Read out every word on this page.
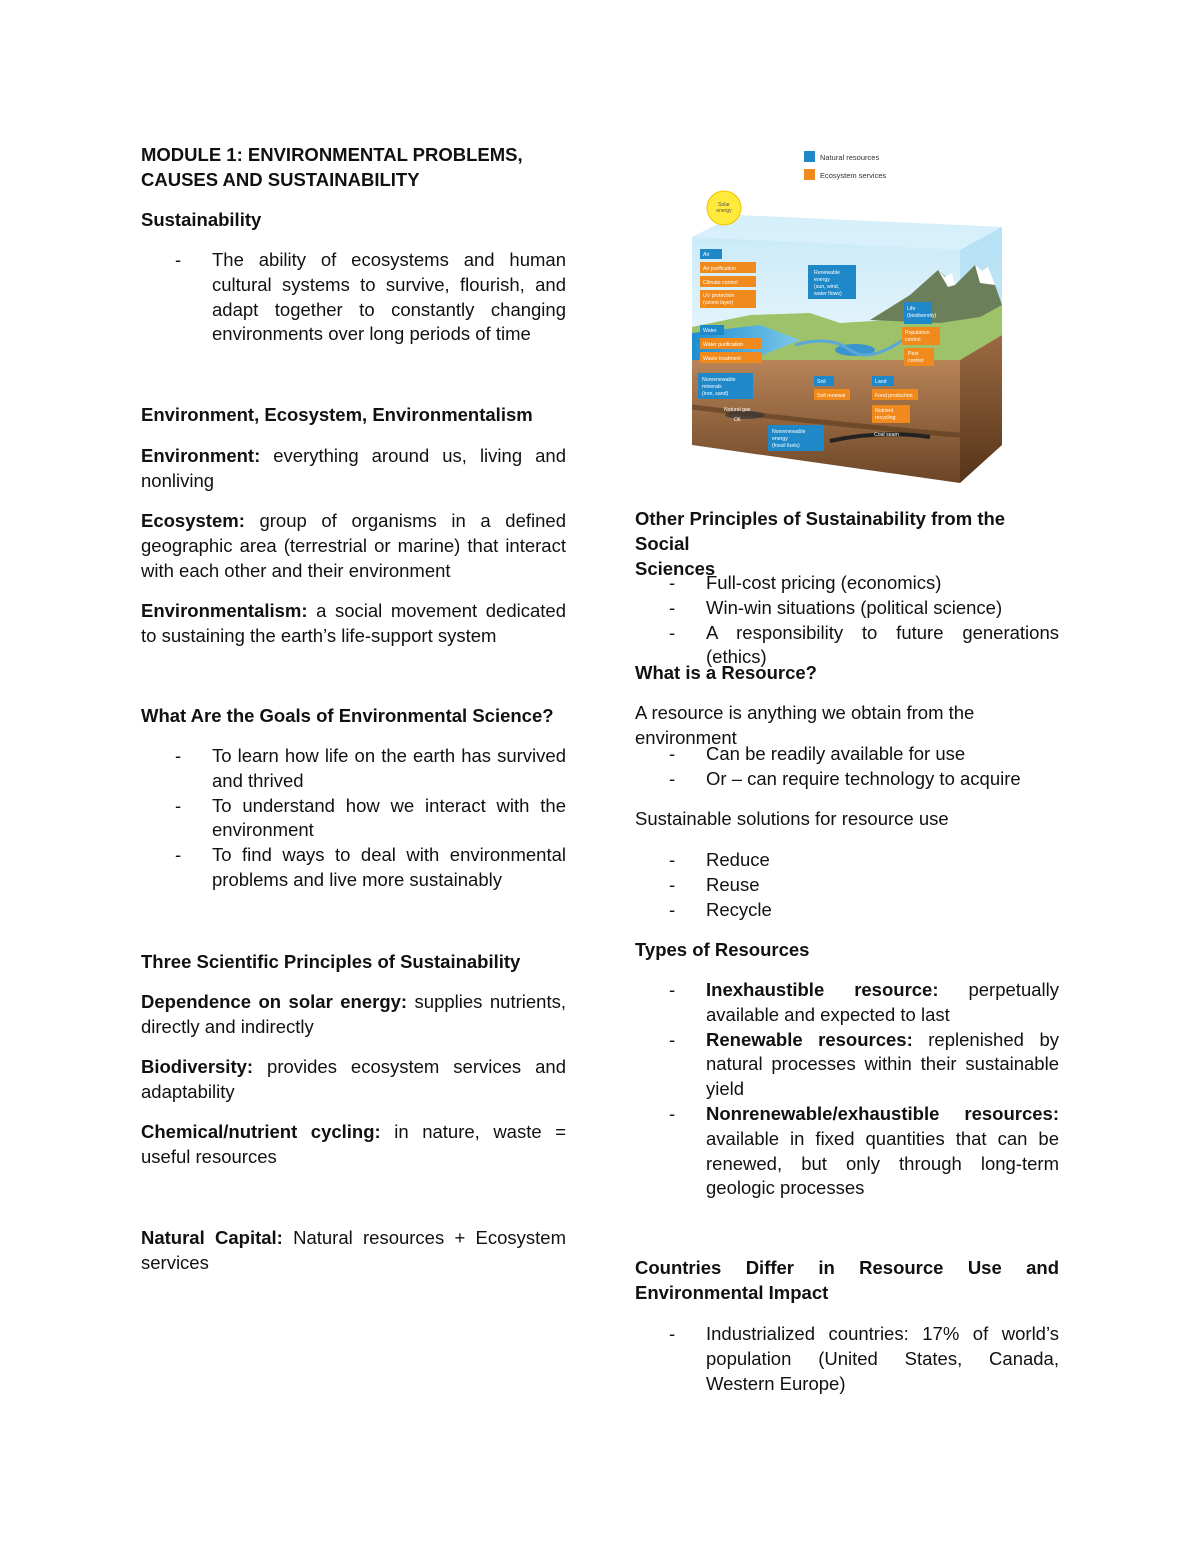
MODULE 1: ENVIRONMENTAL PROBLEMS,
CAUSES AND SUSTAINABILITY
Sustainability
- The ability of ecosystems and human cultural systems to survive, flourish, and adapt together to constantly changing environments over long periods of time
Environment, Ecosystem, Environmentalism
Environment: everything around us, living and nonliving
Ecosystem: group of organisms in a defined geographic area (terrestrial or marine) that interact with each other and their environment
Environmentalism: a social movement dedicated to sustaining the earth’s life-support system
What Are the Goals of Environmental Science?
- To learn how life on the earth has survived and thrived
- To understand how we interact with the environment
- To find ways to deal with environmental problems and live more sustainably
Three Scientific Principles of Sustainability
Dependence on solar energy: supplies nutrients, directly and indirectly
Biodiversity: provides ecosystem services and adaptability
Chemical/nutrient cycling: in nature, waste = useful resources
Natural Capital: Natural resources + Ecosystem services
Natural resources
Ecosystem services
Solar
energy
Air
Renewable
energy
(sun, wind,
water flows)
Life
(biodiversity)
Water
Nonrenewable
minerals
(iron, sand)
Soil	Land
Nonrenewable
energy
(fossil fuels)
Air purification
Climate control
UV protection
(ozone layer)
Water purification
Waste treatment
Population
control
Pest
control
Soil renewal	Food production
Nutrient
recycling
Natural gas
Oil
Coal seam
Other Principles of Sustainability from the Social
Sciences
- Full-cost pricing (economics)
- Win-win situations (political science)
- A responsibility to future generations (ethics)
What is a Resource?
A resource is anything we obtain from the environment
- Can be readily available for use
- Or – can require technology to acquire
Sustainable solutions for resource use
- Reduce
- Reuse
- Recycle
Types of Resources
- Inexhaustible resource: perpetually available and expected to last
- Renewable resources: replenished by natural processes within their sustainable yield
- Nonrenewable/exhaustible resources: available in fixed quantities that can be renewed, but only through long-term geologic processes
Countries Differ in Resource Use and Environmental Impact
- Industrialized countries: 17% of world’s population (United States, Canada, Western Europe)
